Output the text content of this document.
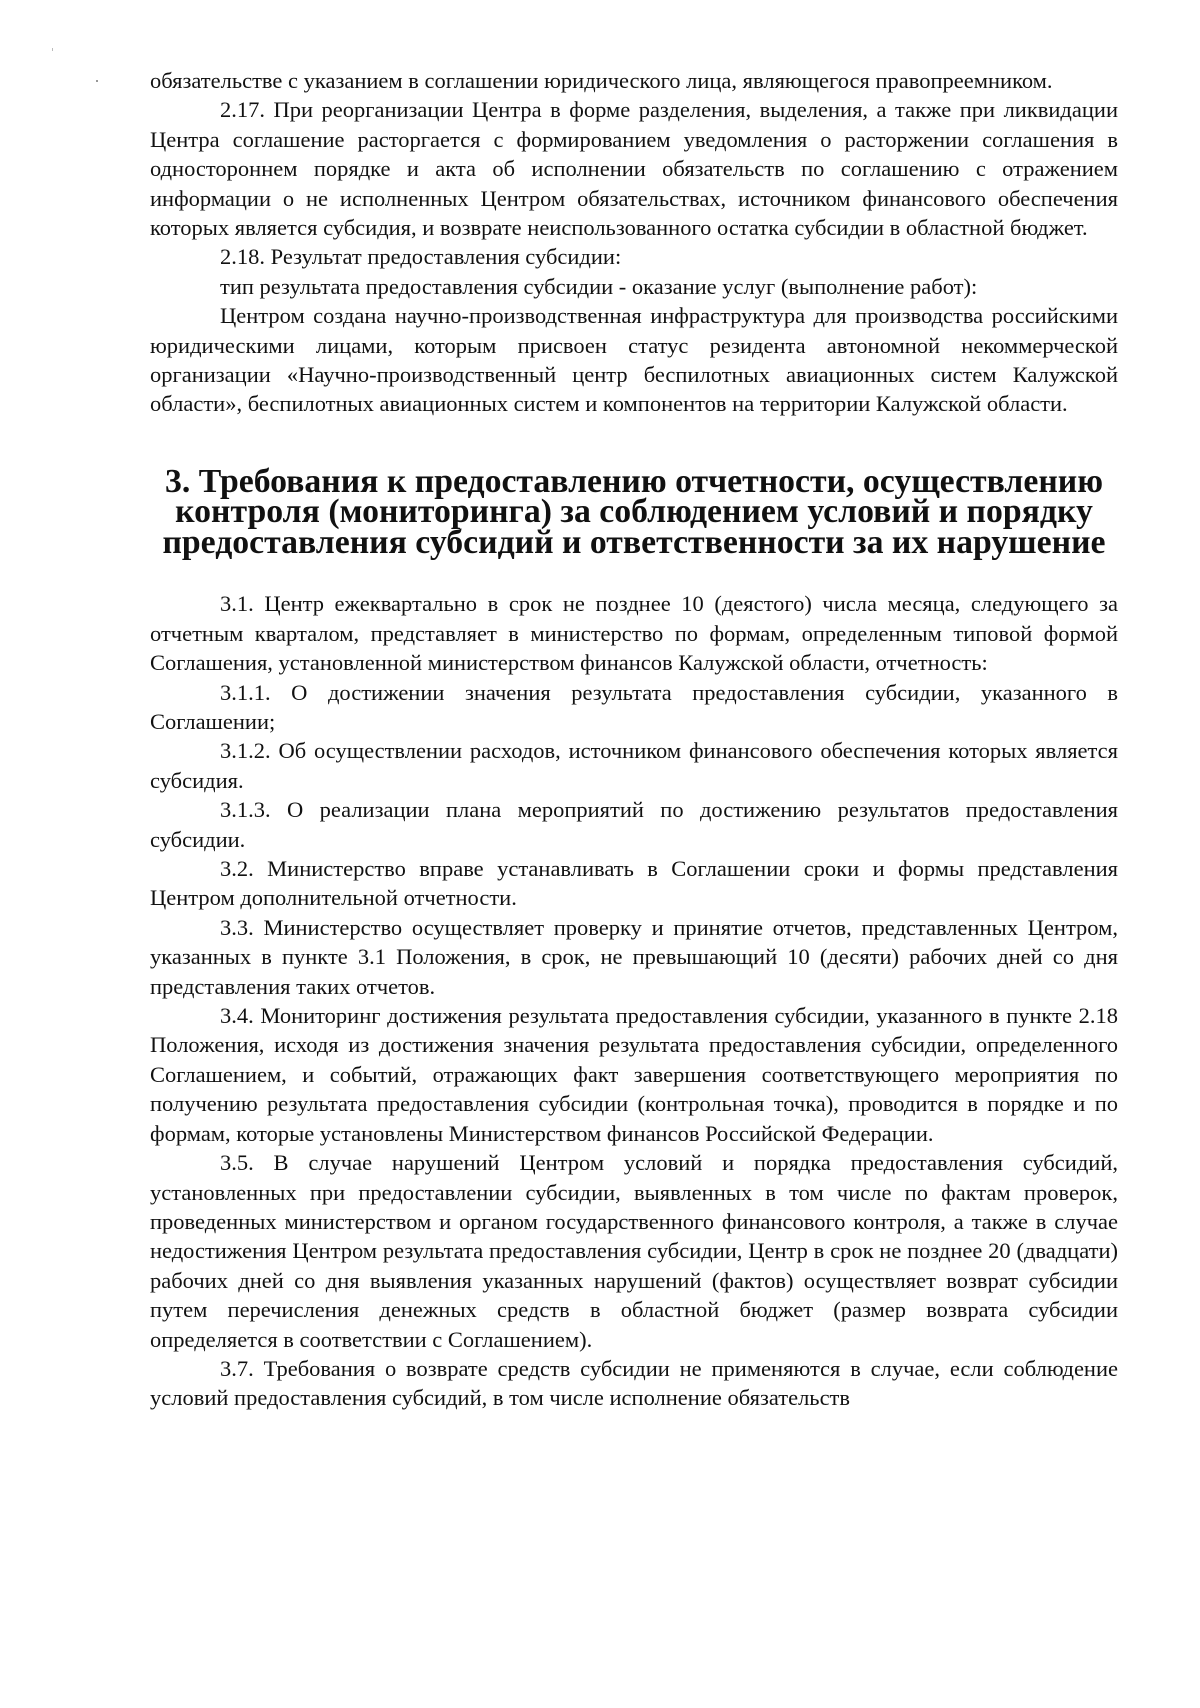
обязательстве с указанием в соглашении юридического лица, являющегося правопреемником.

2.17. При реорганизации Центра в форме разделения, выделения, а также при ликвидации Центра соглашение расторгается с формированием уведомления о расторжении соглашения в одностороннем порядке и акта об исполнении обязательств по соглашению с отражением информации о не исполненных Центром обязательствах, источником финансового обеспечения которых является субсидия, и возврате неиспользованного остатка субсидии в областной бюджет.

2.18. Результат предоставления субсидии:

тип результата предоставления субсидии - оказание услуг (выполнение работ):

Центром создана научно-производственная инфраструктура для производства российскими юридическими лицами, которым присвоен статус резидента автономной некоммерческой организации «Научно-производственный центр беспилотных авиационных систем Калужской области», беспилотных авиационных систем и компонентов на территории Калужской области.

3. Требования к предоставлению отчетности, осуществлению контроля (мониторинга) за соблюдением условий и порядку предоставления субсидий и ответственности за их нарушение

3.1. Центр ежеквартально в срок не позднее 10 (деястого) числа месяца, следующего за отчетным кварталом, представляет в министерство по формам, определенным типовой формой Соглашения, установленной министерством финансов Калужской области, отчетность:

3.1.1. О достижении значения результата предоставления субсидии, указанного в Соглашении;

3.1.2. Об осуществлении расходов, источником финансового обеспечения которых является субсидия.

3.1.3. О реализации плана мероприятий по достижению результатов предоставления субсидии.

3.2. Министерство вправе устанавливать в Соглашении сроки и формы представления Центром дополнительной отчетности.

3.3. Министерство осуществляет проверку и принятие отчетов, представленных Центром, указанных в пункте 3.1 Положения, в срок, не превышающий 10 (десяти) рабочих дней со дня представления таких отчетов.

3.4. Мониторинг достижения результата предоставления субсидии, указанного в пункте 2.18 Положения, исходя из достижения значения результата предоставления субсидии, определенного Соглашением, и событий, отражающих факт завершения соответствующего мероприятия по получению результата предоставления субсидии (контрольная точка), проводится в порядке и по формам, которые установлены Министерством финансов Российской Федерации.

3.5. В случае нарушений Центром условий и порядка предоставления субсидий, установленных при предоставлении субсидии, выявленных в том числе по фактам проверок, проведенных министерством и органом государственного финансового контроля, а также в случае недостижения Центром результата предоставления субсидии, Центр в срок не позднее 20 (двадцати) рабочих дней со дня выявления указанных нарушений (фактов) осуществляет возврат субсидии путем перечисления денежных средств в областной бюджет (размер возврата субсидии определяется в соответствии с Соглашением).

3.7. Требования о возврате средств субсидии не применяются в случае, если соблюдение условий предоставления субсидий, в том числе исполнение обязательств
